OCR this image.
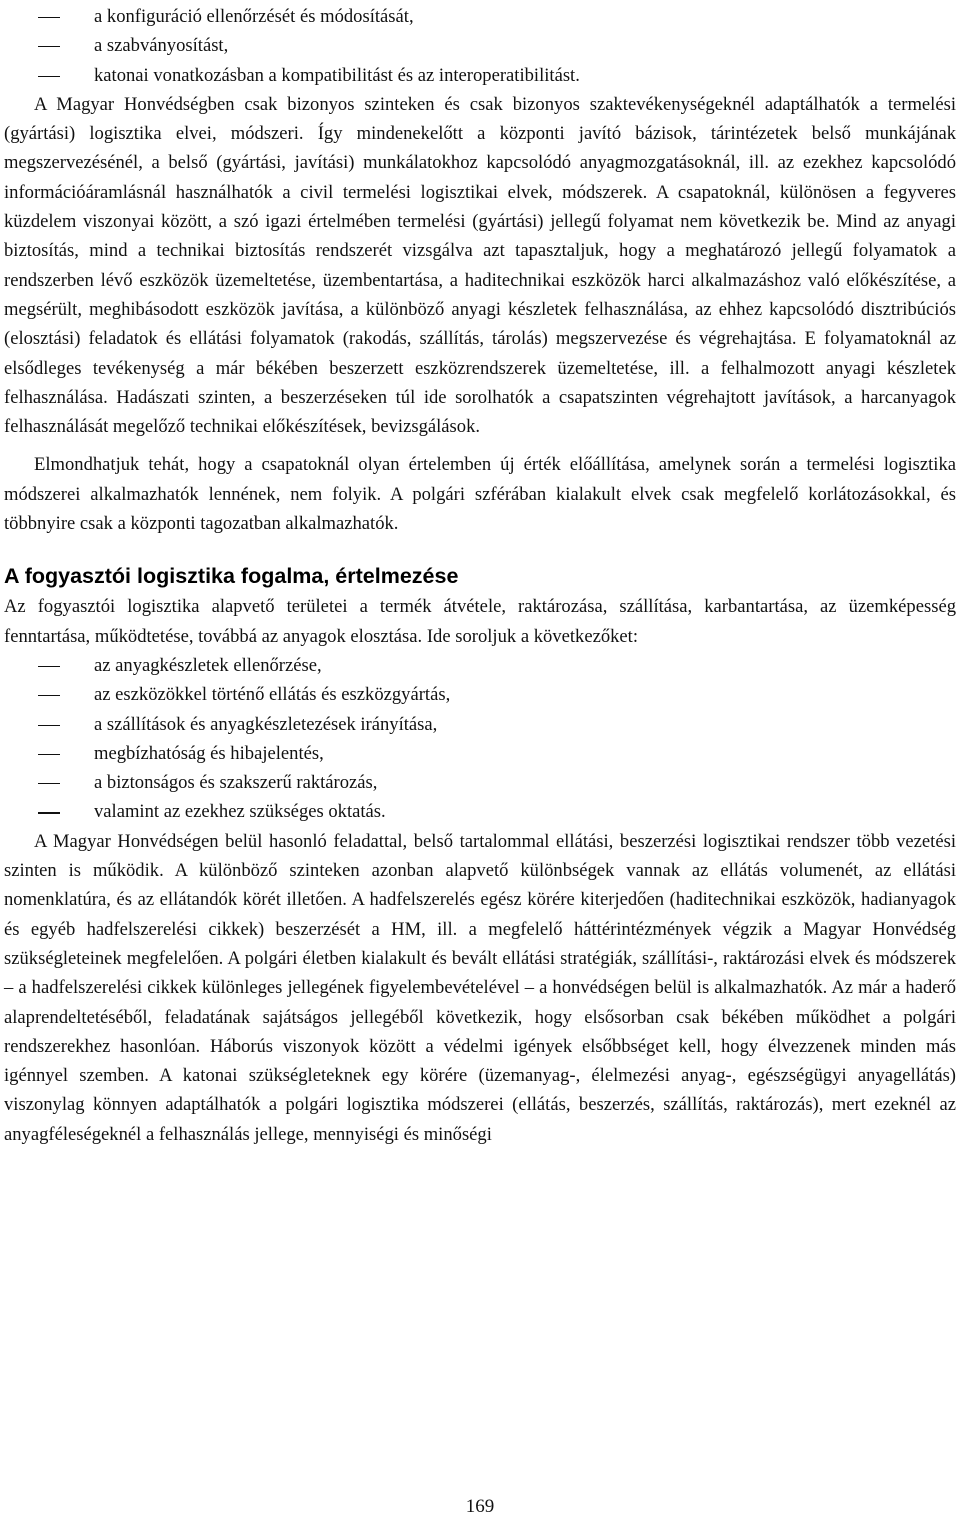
a konfiguráció ellenőrzését és módosítását,
a szabványosítást,
katonai vonatkozásban a kompatibilitást és az interoperatibilitást.

A Magyar Honvédségben csak bizonyos szinteken és csak bizonyos szaktevékenységeknél adaptálhatók a termelési (gyártási) logisztika elvei, módszeri. Így mindenekelőtt a központi javító bázisok, tárintézetek belső munkájának megszervezésénél, a belső (gyártási, javítási) munkálatokhoz kapcsolódó anyagmozgatásoknál, ill. az ezekhez kapcsolódó információáramlásnál használhatók a civil termelési logisztikai elvek, módszerek. A csapatoknál, különösen a fegyveres küzdelem viszonyai között, a szó igazi értelmében termelési (gyártási) jellegű folyamat nem következik be. Mind az anyagi biztosítás, mind a technikai biztosítás rendszerét vizsgálva azt tapasztaljuk, hogy a meghatározó jellegű folyamatok a rendszerben lévő eszközök üzemeltetése, üzembentartása, a haditechnikai eszközök harci alkalmazáshoz való előkészítése, a megsérült, meghibásodott eszközök javítása, a különböző anyagi készletek felhasználása, az ehhez kapcsolódó disztribúciós (elosztási) feladatok és ellátási folyamatok (rakodás, szállítás, tárolás) megszervezése és végrehajtása. E folyamatoknál az elsődleges tevékenység a már békében beszerzett eszközrendszerek üzemeltetése, ill. a felhalmozott anyagi készletek felhasználása. Hadászati szinten, a beszerzéseken túl ide sorolhatók a csapatszinten végrehajtott javítások, a harcanyagok felhasználását megelőző technikai előkészítések, bevizsgálások.

Elmondhatjuk tehát, hogy a csapatoknál olyan értelemben új érték előállítása, amelynek során a termelési logisztika módszerei alkalmazhatók lennének, nem folyik. A polgári szférában kialakult elvek csak megfelelő korlátozásokkal, és többnyire csak a központi tagozatban alkalmazhatók.

A fogyasztói logisztika fogalma, értelmezése

Az fogyasztói logisztika alapvető területei a termék átvétele, raktározása, szállítása, karbantartása, az üzemképesség fenntartása, működtetése, továbbá az anyagok elosztása. Ide soroljuk a következőket:

az anyagkészletek ellenőrzése,
az eszközökkel történő ellátás és eszközgyártás,
a szállítások és anyagkészletezések irányítása,
megbízhatóság és hibajelentés,
a biztonságos és szakszerű raktározás,
valamint az ezekhez szükséges oktatás.

A Magyar Honvédségen belül hasonló feladattal, belső tartalommal ellátási, beszerzési logisztikai rendszer több vezetési szinten is működik. A különböző szinteken azonban alapvető különbségek vannak az ellátás volumenét, az ellátási nomenklatúra, és az ellátandók körét illetően. A hadfelszerelés egész körére kiterjedően (haditechnikai eszközök, hadianyagok és egyéb hadfelszerelési cikkek) beszerzését a HM, ill. a megfelelő háttérintézmények végzik a Magyar Honvédség szükségleteinek megfelelően. A polgári életben kialakult és bevált ellátási stratégiák, szállítási-, raktározási elvek és módszerek – a hadfelszerelési cikkek különleges jellegének figyelembevételével – a honvédségen belül is alkalmazhatók. Az már a haderő alaprendeltetéséből, feladatának sajátságos jellegéből következik, hogy elsősorban csak békében működhet a polgári rendszerekhez hasonlóan. Háborús viszonyok között a védelmi igények elsőbbséget kell, hogy élvezzenek minden más igénnyel szemben. A katonai szükségleteknek egy körére (üzemanyag-, élelmezési anyag-, egészségügyi anyagellátás) viszonylag könnyen adaptálhatók a polgári logisztika módszerei (ellátás, beszerzés, szállítás, raktározás), mert ezeknél az anyagféleségeknél a felhasználás jellege, mennyiségi és minőségi

169
